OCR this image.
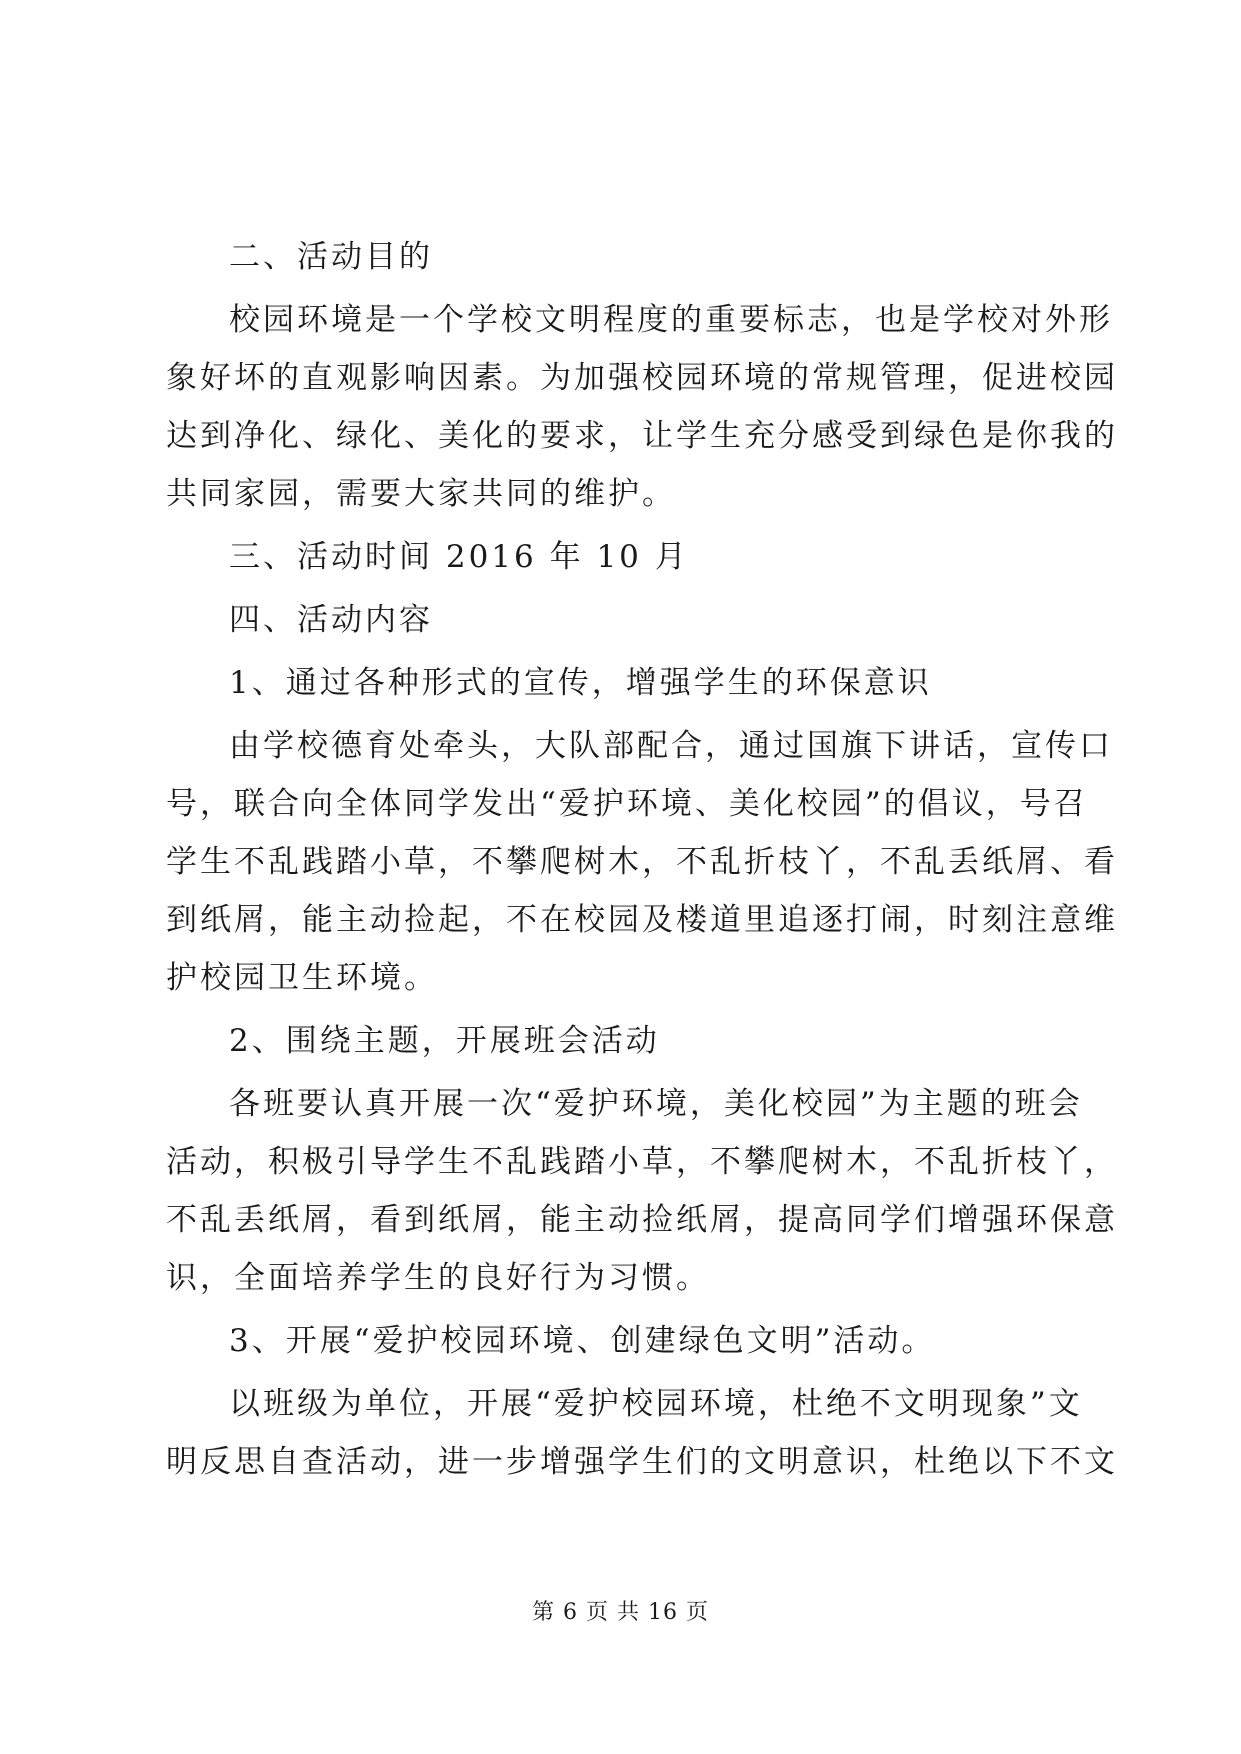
二、活动目的
校园环境是一个学校文明程度的重要标志，也是学校对外形
象好坏的直观影响因素。为加强校园环境的常规管理，促进校园
达到净化、绿化、美化的要求，让学生充分感受到绿色是你我的
共同家园，需要大家共同的维护。
三、活动时间 2016 年 10 月
四、活动内容
1、通过各种形式的宣传，增强学生的环保意识
由学校德育处牵头，大队部配合，通过国旗下讲话，宣传口
号，联合向全体同学发出“爱护环境、美化校园”的倡议，号召
学生不乱践踏小草，不攀爬树木，不乱折枝丫，不乱丢纸屑、看
到纸屑，能主动捡起，不在校园及楼道里追逐打闹，时刻注意维
护校园卫生环境。
2、围绕主题，开展班会活动
各班要认真开展一次“爱护环境，美化校园”为主题的班会
活动，积极引导学生不乱践踏小草，不攀爬树木，不乱折枝丫，
不乱丢纸屑，看到纸屑，能主动捡纸屑，提高同学们增强环保意
识，全面培养学生的良好行为习惯。
3、开展“爱护校园环境、创建绿色文明”活动。
以班级为单位，开展“爱护校园环境，杜绝不文明现象”文
明反思自查活动，进一步增强学生们的文明意识，杜绝以下不文
第 6 页 共 16 页
